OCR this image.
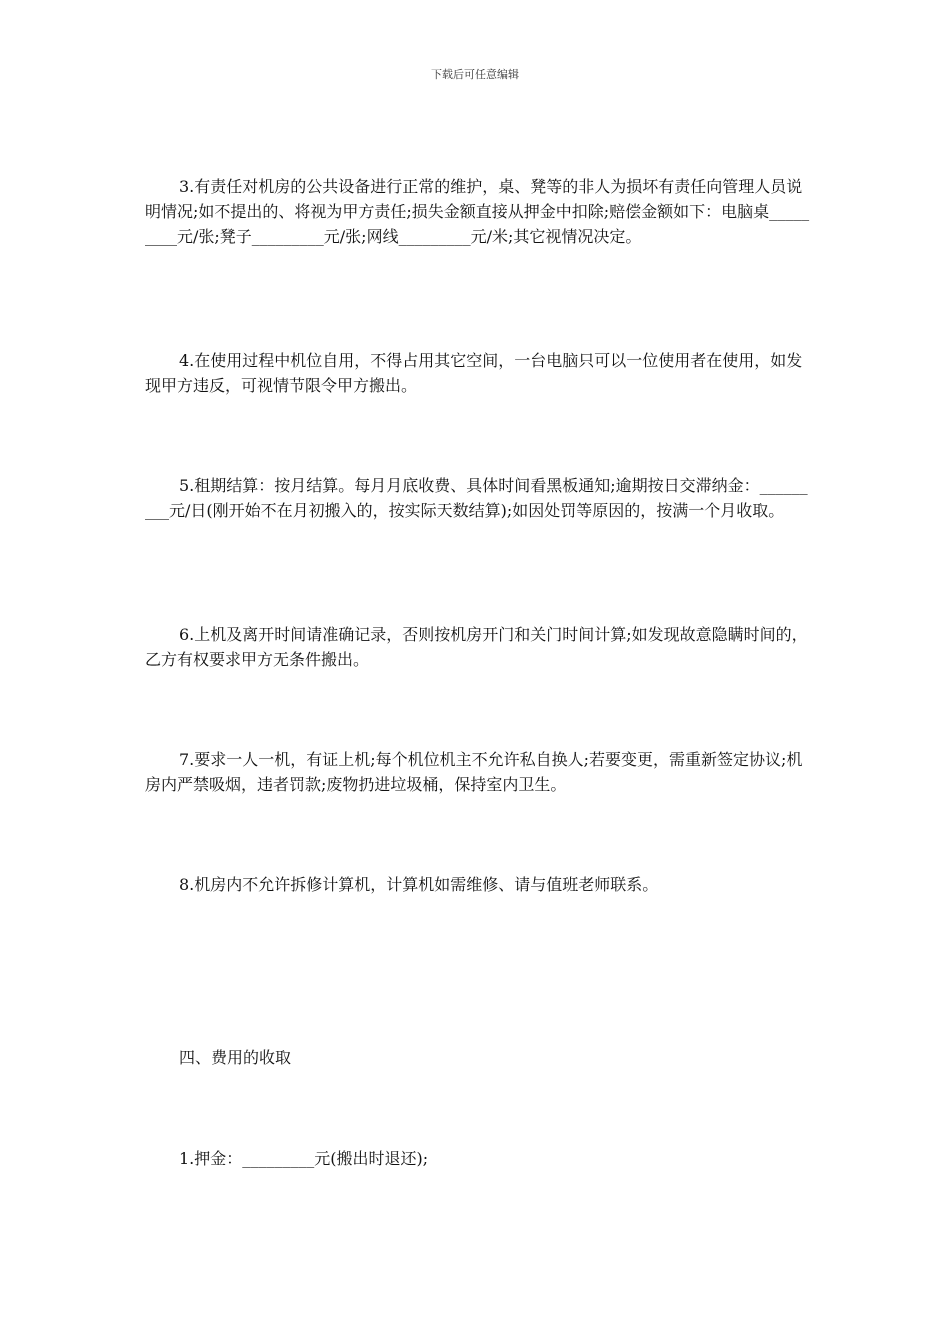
下载后可任意编辑

3.有责任对机房的公共设备进行正常的维护，桌、凳等的非人为损坏有责任向管理人员说明情况;如不提出的、将视为甲方责任;损失金额直接从押金中扣除;赔偿金额如下：电脑桌_________元/张;凳子_________元/张;网线_________元/米;其它视情况决定。

4.在使用过程中机位自用，不得占用其它空间，一台电脑只可以一位使用者在使用，如发现甲方违反，可视情节限令甲方搬出。

5.租期结算：按月结算。每月月底收费、具体时间看黑板通知;逾期按日交滞纳金：_________元/日(刚开始不在月初搬入的，按实际天数结算);如因处罚等原因的，按满一个月收取。

6.上机及离开时间请准确记录，否则按机房开门和关门时间计算;如发现故意隐瞒时间的，乙方有权要求甲方无条件搬出。

7.要求一人一机，有证上机;每个机位机主不允许私自换人;若要变更，需重新签定协议;机房内严禁吸烟，违者罚款;废物扔进垃圾桶，保持室内卫生。

8.机房内不允许拆修计算机，计算机如需维修、请与值班老师联系。

四、费用的收取

1.押金：_________元(搬出时退还);
